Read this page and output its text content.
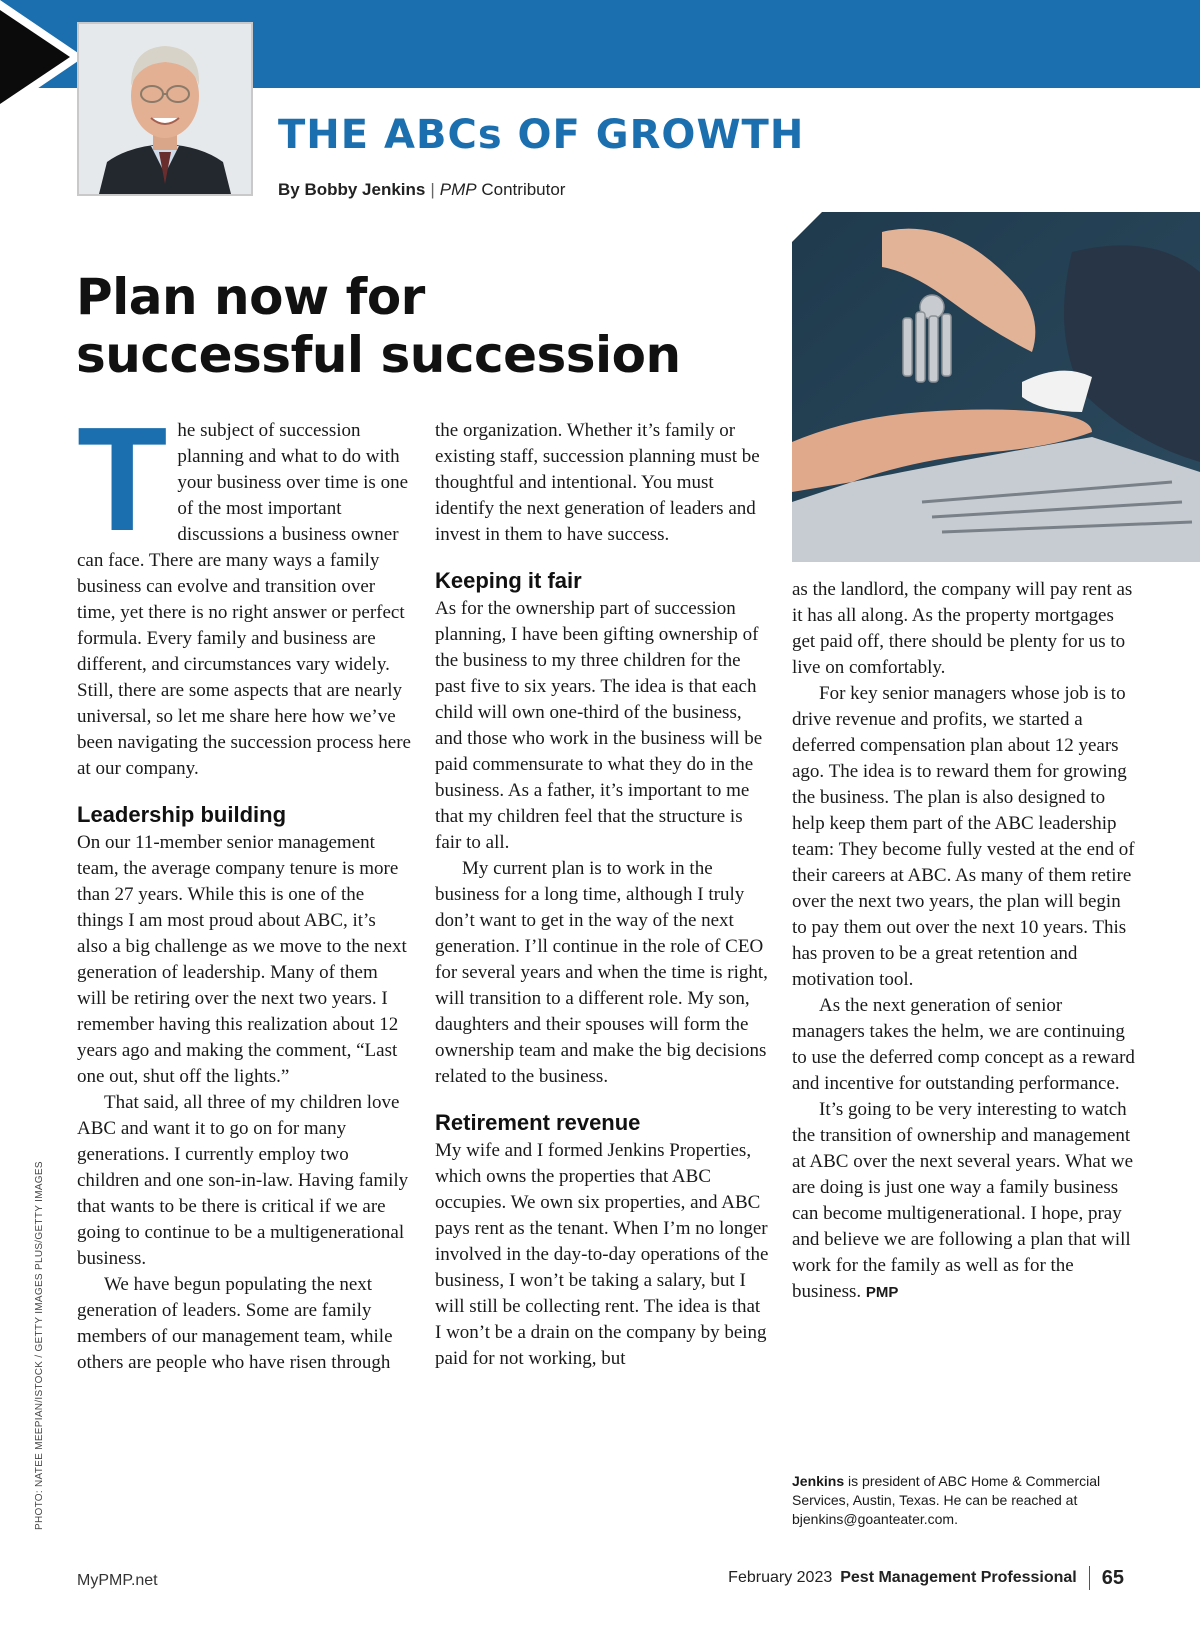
THE ABCs OF GROWTH
By Bobby Jenkins | PMP Contributor
Plan now for
successful succession

The subject of succession planning and what to do with your business over time is one of the most important discussions a business owner can face. There are many ways a family business can evolve and transition over time, yet there is no right answer or perfect formula. Every family and business are different, and circumstances vary widely. Still, there are some aspects that are nearly universal, so let me share here how we’ve been navigating the succession process here at our company.

Leadership building

On our 11-member senior management team, the average company tenure is more than 27 years. While this is one of the things I am most proud about ABC, it’s also a big challenge as we move to the next generation of leadership. Many of them will be retiring over the next two years. I remember having this realization about 12 years ago and making the comment, “Last one out, shut off the lights.”

That said, all three of my children love ABC and want it to go on for many generations. I currently employ two children and one son-in-law. Having family that wants to be there is critical if we are going to continue to be a multigenerational business.

We have begun populating the next generation of leaders. Some are family members of our management team, while others are people who have risen through

the organization. Whether it’s family or existing staff, succession planning must be thoughtful and intentional. You must identify the next generation of leaders and invest in them to have success.

Keeping it fair

As for the ownership part of succession planning, I have been gifting ownership of the business to my three children for the past five to six years. The idea is that each child will own one-third of the business, and those who work in the business will be paid commensurate to what they do in the business. As a father, it’s important to me that my children feel that the structure is fair to all.

My current plan is to work in the business for a long time, although I truly don’t want to get in the way of the next generation. I’ll continue in the role of CEO for several years and when the time is right, will transition to a different role. My son, daughters and their spouses will form the ownership team and make the big decisions related to the business.

Retirement revenue

My wife and I formed Jenkins Properties, which owns the properties that ABC occupies. We own six properties, and ABC pays rent as the tenant. When I’m no longer involved in the day-to-day operations of the business, I won’t be taking a salary, but I will still be collecting rent. The idea is that I won’t be a drain on the company by being paid for not working, but

as the landlord, the company will pay rent as it has all along. As the property mortgages get paid off, there should be plenty for us to live on comfortably.

For key senior managers whose job is to drive revenue and profits, we started a deferred compensation plan about 12 years ago. The idea is to reward them for growing the business. The plan is also designed to help keep them part of the ABC leadership team: They become fully vested at the end of their careers at ABC. As many of them retire over the next two years, the plan will begin to pay them out over the next 10 years. This has proven to be a great retention and motivation tool.

As the next generation of senior managers takes the helm, we are continuing to use the deferred comp concept as a reward and incentive for outstanding performance.

It’s going to be very interesting to watch the transition of ownership and management at ABC over the next several years. What we are doing is just one way a family business can become multigenerational. I hope, pray and believe we are following a plan that will work for the family as well as for the business. PMP

Jenkins is president of ABC Home & Commercial Services, Austin, Texas. He can be reached at bjenkins@goanteater.com.
PHOTO: NATEE MEEPIAN/ISTOCK / GETTY IMAGES PLUS/GETTY IMAGES
MyPMP.net	February 2023 Pest Management Professional 65
